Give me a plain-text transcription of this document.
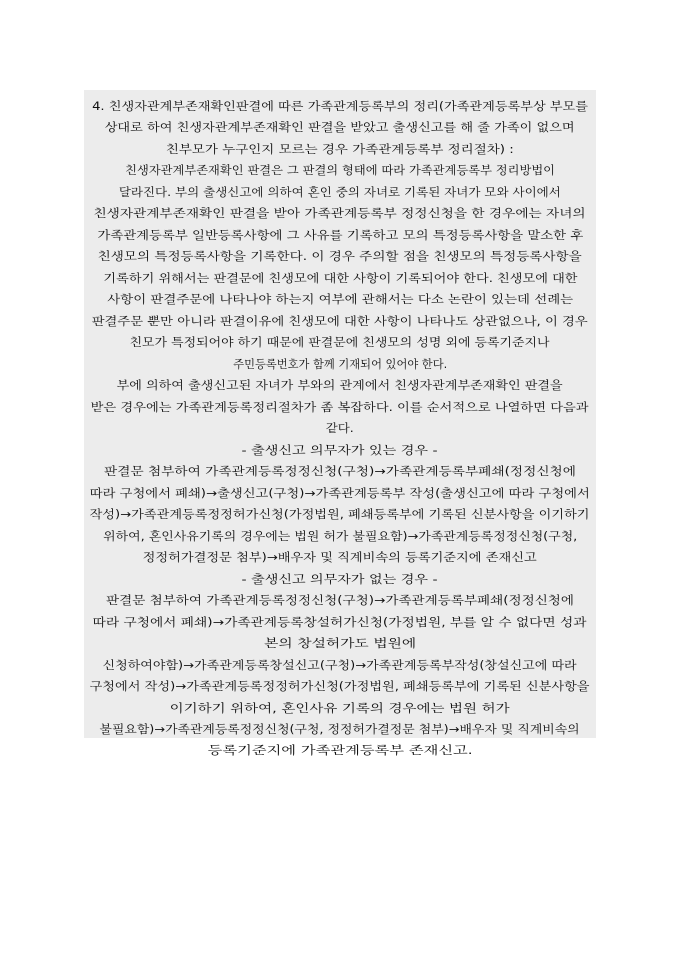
4. 친생자관계부존재확인판결에 따른 가족관계등록부의 정리(가족관계등록부상 부모를
상대로 하여 친생자관계부존재확인 판결을 받았고 출생신고를 해 줄 가족이 없으며
친부모가 누구인지 모르는 경우 가족관계등록부 정리절차) :
친생자관계부존재확인 판결은 그 판결의 형태에 따라 가족관계등록부 정리방법이
달라진다. 부의 출생신고에 의하여 혼인 중의 자녀로 기록된 자녀가 모와 사이에서
친생자관계부존재확인 판결을 받아 가족관계등록부 정정신청을 한 경우에는 자녀의
가족관계등록부 일반등록사항에 그 사유를 기록하고 모의 특정등록사항을 말소한 후
친생모의 특정등록사항을 기록한다. 이 경우 주의할 점을 친생모의 특정등록사항을
기록하기 위해서는 판결문에 친생모에 대한 사항이 기록되어야 한다. 친생모에 대한
사항이 판결주문에 나타나야 하는지 여부에 관해서는 다소 논란이 있는데 선례는
판결주문 뿐만 아니라 판결이유에 친생모에 대한 사항이 나타나도 상관없으나, 이 경우
친모가 특정되어야 하기 때문에 판결문에 친생모의 성명 외에 등록기준지나
주민등록번호가 함께 기재되어 있어야 한다.
부에 의하여 출생신고된 자녀가 부와의 관계에서 친생자관계부존재확인 판결을
받은 경우에는 가족관계등록정리절차가 좀 복잡하다. 이를 순서적으로 나열하면 다음과
같다.
- 출생신고 의무자가 있는 경우 -
판결문 첨부하여 가족관계등록정정신청(구청)→가족관계등록부폐쇄(정정신청에
따라 구청에서 폐쇄)→출생신고(구청)→가족관계등록부 작성(출생신고에 따라 구청에서
작성)→가족관계등록정정허가신청(가정법원, 폐쇄등록부에 기록된 신분사항을 이기하기
위하여, 혼인사유기록의 경우에는 법원 허가 불필요함)→가족관계등록정정신청(구청,
정정허가결정문 첨부)→배우자 및 직계비속의 등록기준지에 존재신고
- 출생신고 의무자가 없는 경우 -
판결문 첨부하여 가족관계등록정정신청(구청)→가족관계등록부폐쇄(정정신청에
따라 구청에서 폐쇄)→가족관계등록창설허가신청(가정법원, 부를 알 수 없다면 성과
본의 창설허가도 법원에
신청하여야함)→가족관계등록창설신고(구청)→가족관계등록부작성(창설신고에 따라
구청에서 작성)→가족관계등록정정허가신청(가정법원, 폐쇄등록부에 기록된 신분사항을
이기하기 위하여, 혼인사유 기록의 경우에는 법원 허가
불필요함)→가족관계등록정정신청(구청, 정정허가결정문 첨부)→배우자 및 직계비속의
등록기준지에 가족관계등록부 존재신고.
